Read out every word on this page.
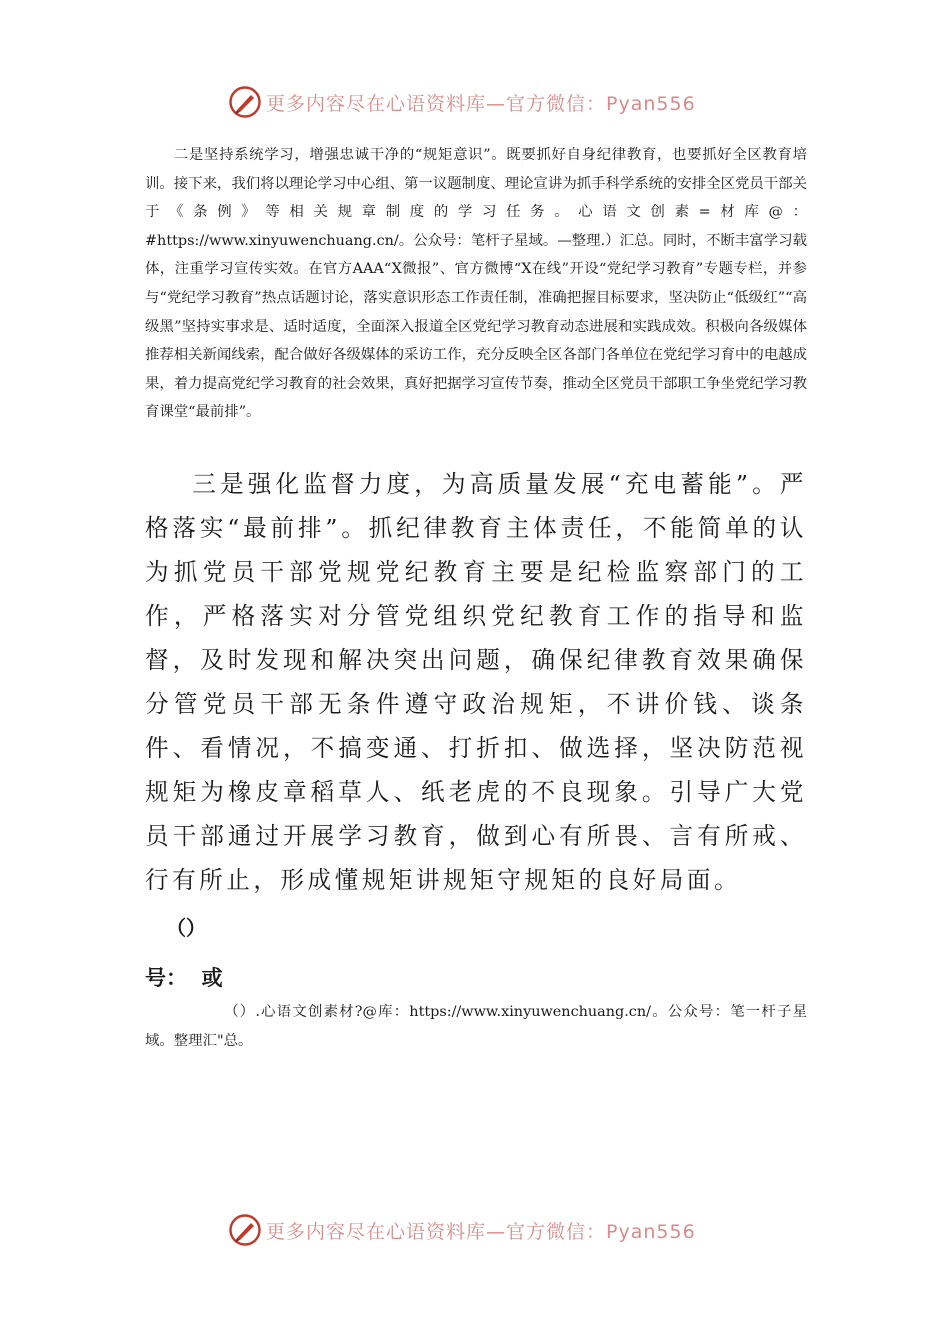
更多内容尽在心语资料库—官方微信：Pyan556

二是坚持系统学习，增强忠诚干净的“规矩意识”。既要抓好自身纪律教育，也要抓好全区教育培训。接下来，我们将以理论学习中心组、第一议题制度、理论宣讲为抓手科学系统的安排全区党员干部关于《条例》等相关规章制度的学习任务。心语文创素=材库@：#https://www.xinyuwenchuang.cn/。公众号：笔杆子星域。—整理.）汇总。同时，不断丰富学习载体，注重学习宣传实效。在官方AAA“X微报”、官方微博“X在线”开设“党纪学习教育”专题专栏，并参与“党纪学习教育”热点话题讨论，落实意识形态工作责任制，准确把握目标要求，坚决防止“低级红”“高级黑”坚持实事求是、适时适度，全面深入报道全区党纪学习教育动态进展和实践成效。积极向各级媒体推荐相关新闻线索，配合做好各级媒体的采访工作，充分反映全区各部门各单位在党纪学习育中的电越成果，着力提高党纪学习教育的社会效果，真好把据学习宣传节奏，推动全区党员干部职工争坐党纪学习教育课堂“最前排”。

三是强化监督力度，为高质量发展“充电蓄能”。严格落实“最前排”。抓纪律教育主体责任，不能简单的认为抓党员干部党规党纪教育主要是纪检监察部门的工作，严格落实对分管党组织党纪教育工作的指导和监督，及时发现和解决突出问题，确保纪律教育效果确保分管党员干部无条件遵守政治规矩，不讲价钱、谈条件、看情况，不搞变通、打折扣、做选择，坚决防范视规矩为橡皮章稻草人、纸老虎的不良现象。引导广大党员干部通过开展学习教育，做到心有所畏、言有所戒、行有所止，形成懂规矩讲规矩守规矩的良好局面。

（）

号：  或

（）.心语文创素材?@库：https://www.xinyuwenchuang.cn/。公众号：笔一杆子星域。整理汇"总。

更多内容尽在心语资料库—官方微信：Pyan556
